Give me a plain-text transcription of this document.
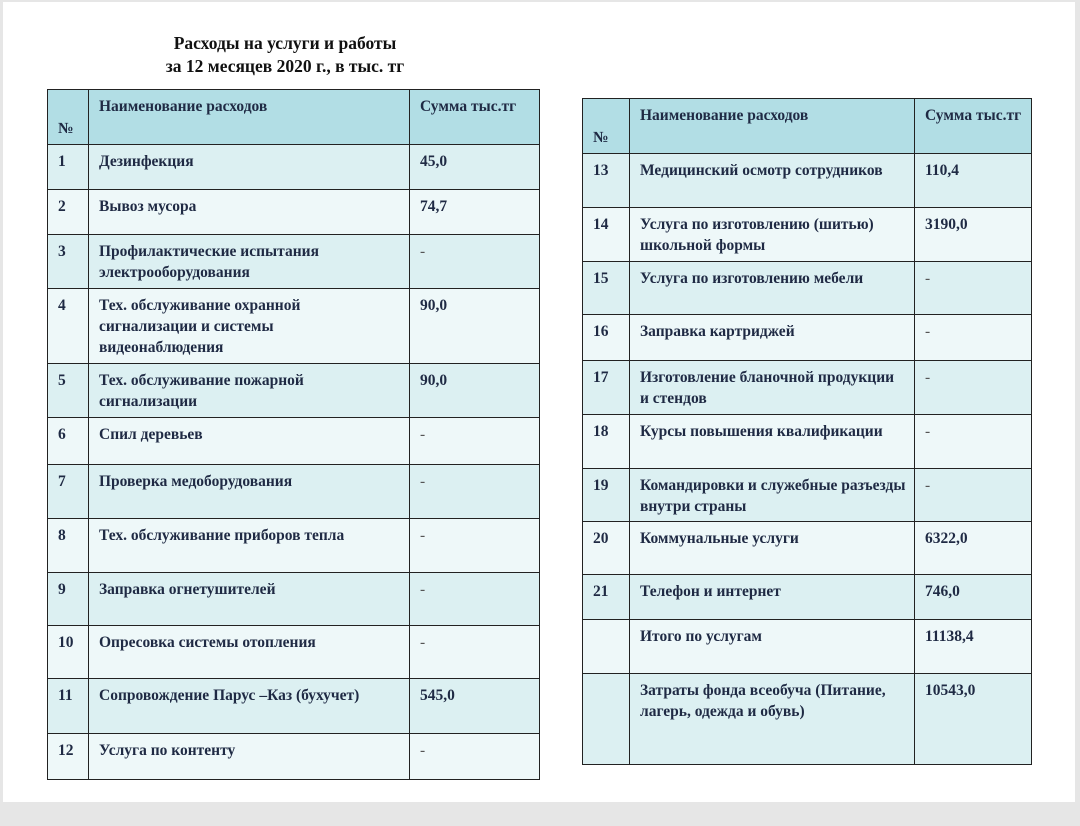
Расходы на услуги и работы
за 12 месяцев 2020 г., в тыс. тг
№	Наименование расходов	Сумма тыс.тг
1	Дезинфекция	45,0
2	Вывоз мусора	74,7
3	Профилактические испытания электрооборудования	-
4	Тех. обслуживание охранной сигнализации и системы видеонаблюдения	90,0
5	Тех. обслуживание пожарной сигнализации	90,0
6	Спил деревьев	-
7	Проверка медоборудования	-
8	Тех. обслуживание приборов тепла	-
9	Заправка огнетушителей	-
10	Опресовка системы отопления	-
11	Сопровождение Парус –Каз (бухучет)	545,0
12	Услуга по контенту	-
№	Наименование расходов	Сумма тыс.тг
13	Медицинский осмотр сотрудников	110,4
14	Услуга по изготовлению (шитью) школьной формы	3190,0
15	Услуга по изготовлению мебели	-
16	Заправка картриджей	-
17	Изготовление бланочной продукции и стендов	-
18	Курсы повышения квалификации	-
19	Командировки и служебные разъезды внутри страны	-
20	Коммунальные услуги	6322,0
21	Телефон и интернет	746,0
	Итого по услугам	11138,4
	Затраты фонда всеобуча (Питание, лагерь, одежда и обувь)	10543,0
